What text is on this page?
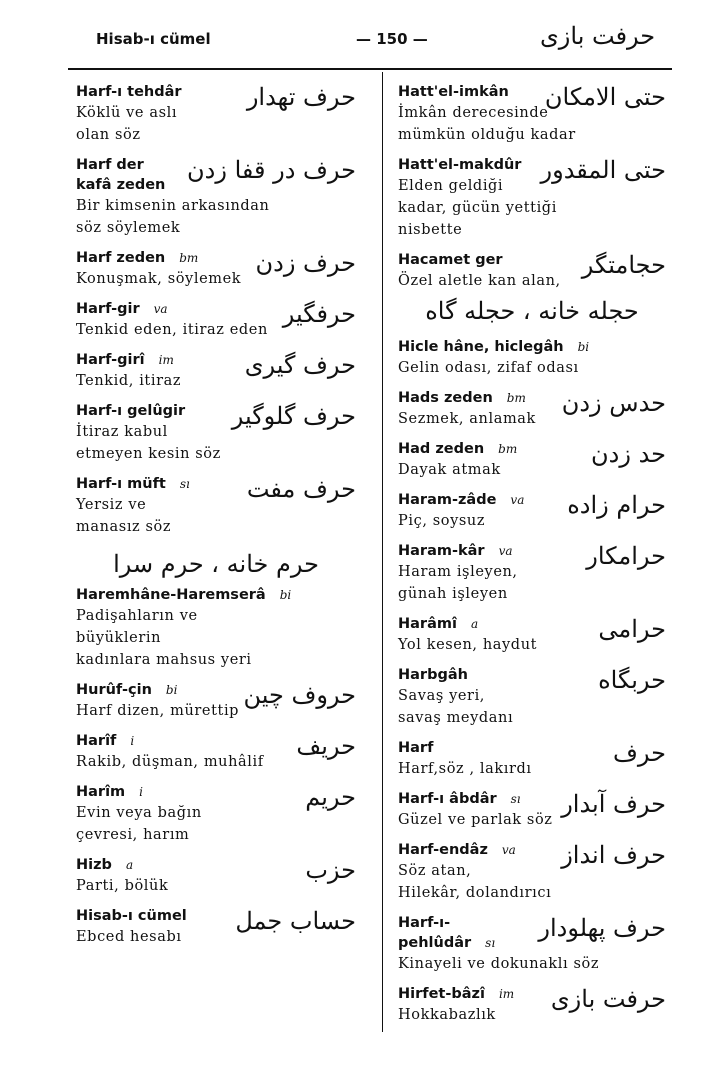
Hisab-ı cümel	— 150 —	حرفت بازی
Harf-ı tehdâr
Köklü ve aslı
olan söz
حرف تهدار
Harf der
kafâ zeden
Bir kimsenin arkasından
söz söylemek
حرف در قفا زدن
Harf zeden bm
Konuşmak, söylemek
حرف زدن
Harf-gir va
Tenkid eden, itiraz eden
حرفگیر
Harf-girî im
Tenkid, itiraz
حرف گیری
Harf-ı gelûgir
İtiraz kabul
etmeyen kesin söz
حرف گلوگیر
Harf-ı müft sı
Yersiz ve
manasız söz
حرف مفت
حرم خانه ، حرم سرا
Haremhâne-Haremserâ bi
Padişahların ve büyüklerin
kadınlara mahsus yeri
Hurûf-çin bi
Harf dizen, mürettip
حروف چین
Harîf i
Rakib, düşman, muhâlif
حریف
Harîm i
Evin veya bağın
çevresi, harım
حریم
Hizb a
Parti, bölük
حزب
Hisab-ı cümel
Ebced hesabı
حساب جمل
Hatt'el-imkân
İmkân derecesinde
mümkün olduğu kadar
حتی الامکان
Hatt'el-makdûr
Elden geldiği
kadar, gücün yettiği nisbette
حتی المقدور
Hacamet ger
Özel aletle kan alan,
حجامتگر
حجله خانه ، حجله گاه
Hicle hâne, hiclegâh bi
Gelin odası, zifaf odası
Hads zeden bm
Sezmek, anlamak
حدس زدن
Had zeden bm
Dayak atmak
حد زدن
Haram-zâde va
Piç, soysuz
حرام زاده
Haram-kâr va
Haram işleyen,
günah işleyen
حرامکار
Harâmî a
Yol kesen, haydut
حرامی
Harbgâh
Savaş yeri,
savaş meydanı
حربگاه
Harf
Harf,söz , lakırdı
حرف
Harf-ı âbdâr sı
Güzel ve parlak söz
حرف آبدار
Harf-endâz va
Söz atan,
Hilekâr, dolandırıcı
حرف انداز
Harf-ı-
pehlûdâr sı
Kinayeli ve dokunaklı söz
حرف پهلودار
Hirfet-bâzî im
Hokkabazlık
حرفت بازی
